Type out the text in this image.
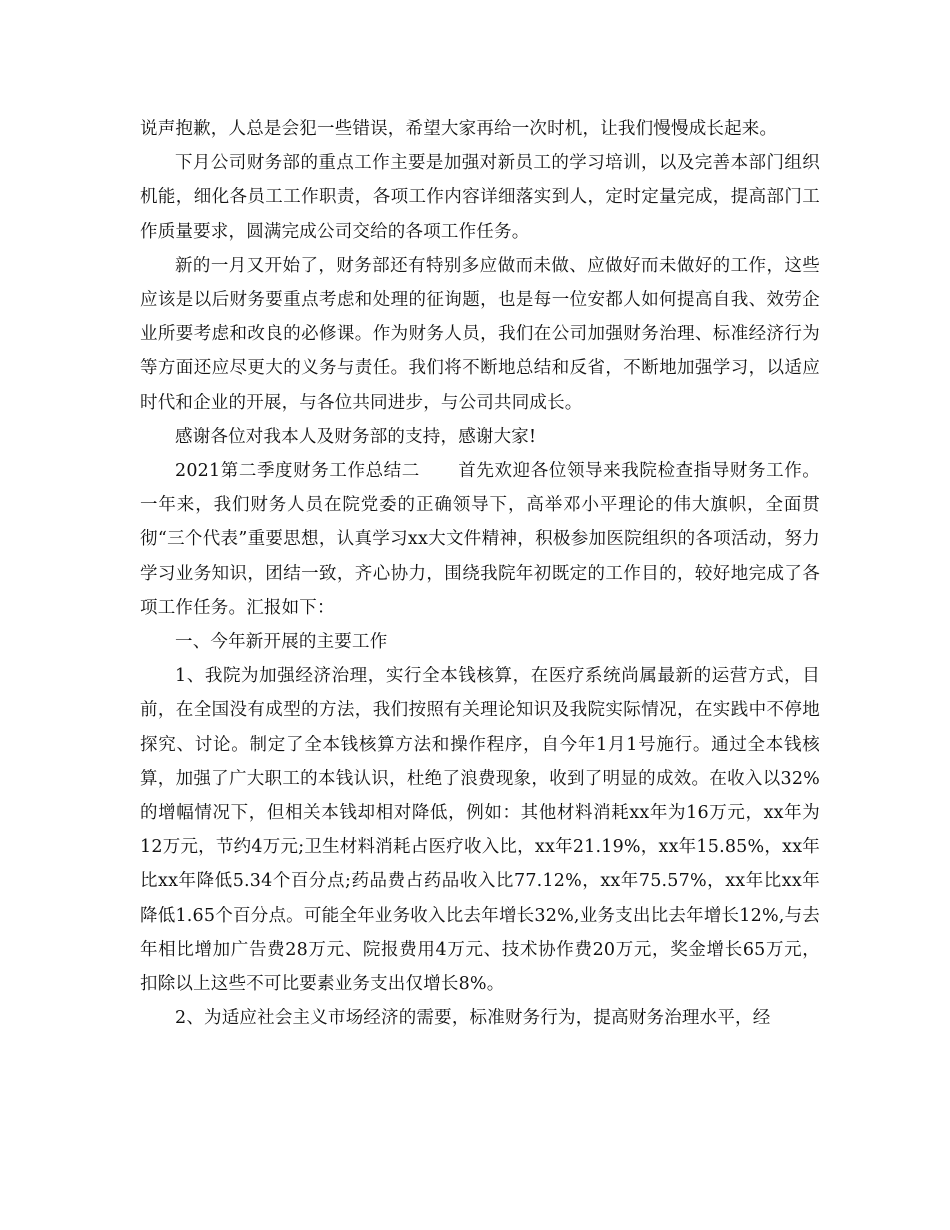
说声抱歉，人总是会犯一些错误，希望大家再给一次时机，让我们慢慢成长起来。

下月公司财务部的重点工作主要是加强对新员工的学习培训，以及完善本部门组织机能，细化各员工工作职责，各项工作内容详细落实到人，定时定量完成，提高部门工作质量要求，圆满完成公司交给的各项工作任务。

新的一月又开始了，财务部还有特别多应做而未做、应做好而未做好的工作，这些应该是以后财务要重点考虑和处理的征询题，也是每一位安都人如何提高自我、效劳企业所要考虑和改良的必修课。作为财务人员，我们在公司加强财务治理、标准经济行为等方面还应尽更大的义务与责任。我们将不断地总结和反省，不断地加强学习，以适应时代和企业的开展，与各位共同进步，与公司共同成长。

感谢各位对我本人及财务部的支持，感谢大家!

2021第二季度财务工作总结二 首先欢迎各位领导来我院检查指导财务工作。一年来，我们财务人员在院党委的正确领导下，高举邓小平理论的伟大旗帜，全面贯彻“三个代表”重要思想，认真学习xx大文件精神，积极参加医院组织的各项活动，努力学习业务知识，团结一致，齐心协力，围绕我院年初既定的工作目的，较好地完成了各项工作任务。汇报如下：

一、今年新开展的主要工作

1、我院为加强经济治理，实行全本钱核算，在医疗系统尚属最新的运营方式，目前，在全国没有成型的方法，我们按照有关理论知识及我院实际情况，在实践中不停地探究、讨论。制定了全本钱核算方法和操作程序，自今年1月1号施行。通过全本钱核算，加强了广大职工的本钱认识，杜绝了浪费现象，收到了明显的成效。在收入以32%的增幅情况下，但相关本钱却相对降低，例如：其他材料消耗xx年为16万元，xx年为12万元，节约4万元;卫生材料消耗占医疗收入比，xx年21.19%，xx年15.85%，xx年比xx年降低5.34个百分点;药品费占药品收入比77.12%，xx年75.57%，xx年比xx年降低1.65个百分点。可能全年业务收入比去年增长32%,业务支出比去年增长12%,与去年相比增加广告费28万元、院报费用4万元、技术协作费20万元，奖金增长65万元，扣除以上这些不可比要素业务支出仅增长8%。

2、为适应社会主义市场经济的需要，标准财务行为，提高财务治理水平，经
